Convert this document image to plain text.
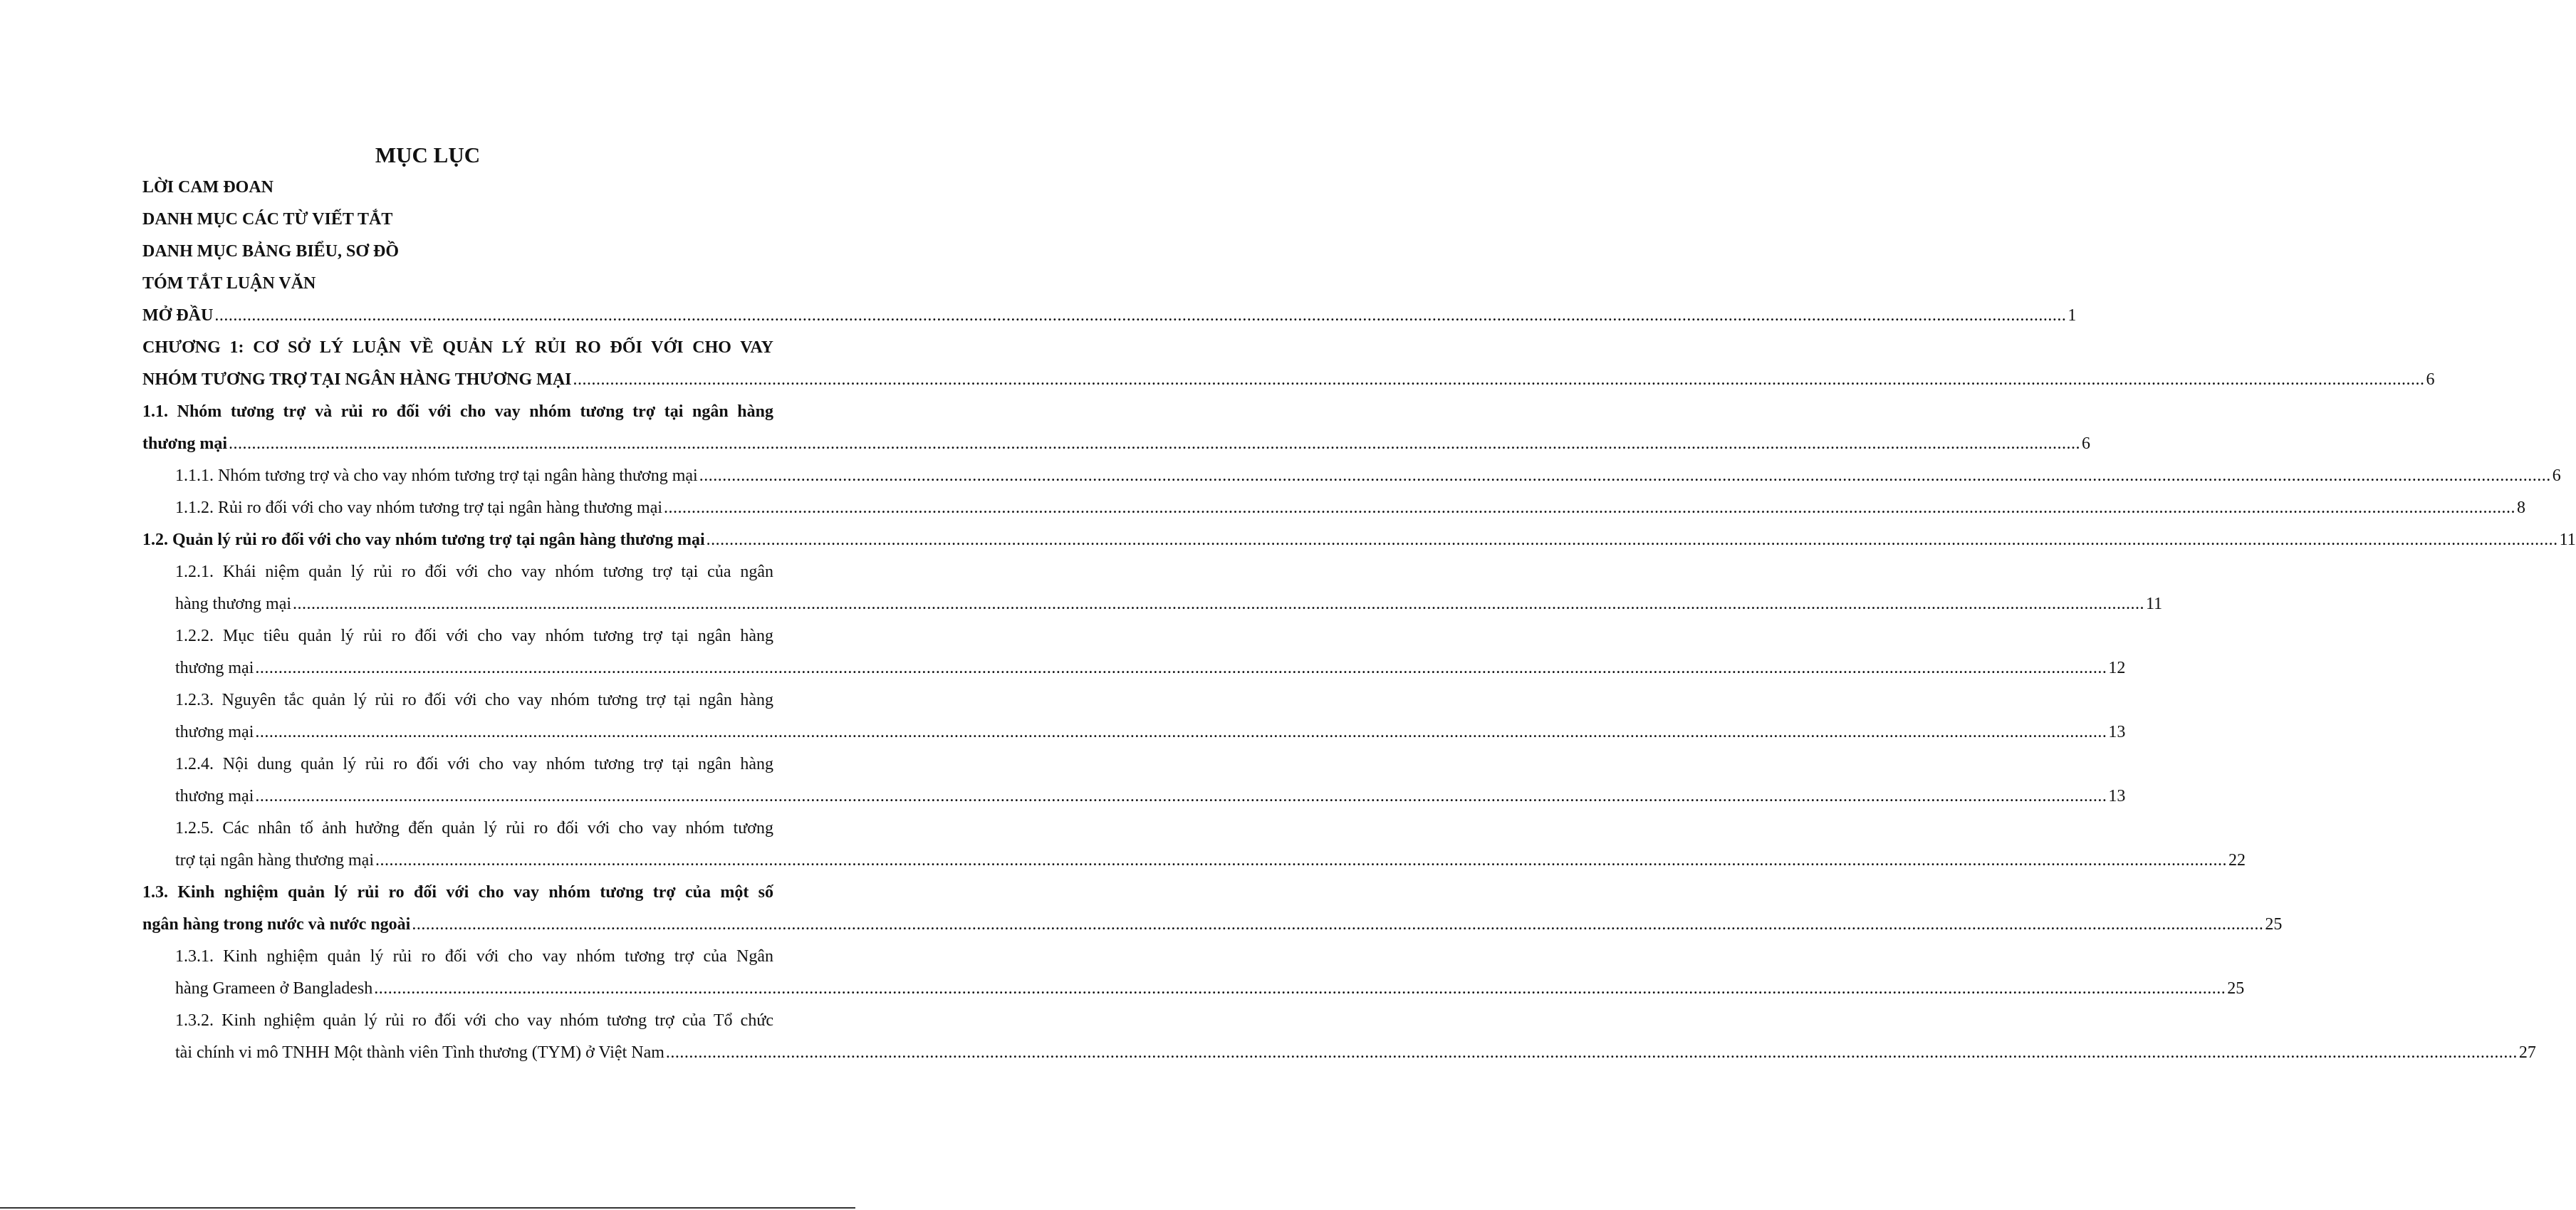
MỤC LỤC
LỜI CAM ĐOAN
DANH MỤC CÁC TỪ VIẾT TẮT
DANH MỤC BẢNG BIỂU, SƠ ĐỒ
TÓM TẮT LUẬN VĂN
MỞ ĐẦU ................................................................................................................................................................................................................................................................................................................................................................................................................ 1
CHƯƠNG 1: CƠ SỞ LÝ LUẬN VỀ QUẢN LÝ RỦI RO ĐỐI VỚI CHO VAY
NHÓM TƯƠNG TRỢ TẠI NGÂN HÀNG THƯƠNG MẠI ................................................................................................................................................................................................................................................................................................................................................................................................................ 6
1.1. Nhóm tương trợ và rủi ro đối với cho vay nhóm tương trợ tại ngân hàng
thương mại ................................................................................................................................................................................................................................................................................................................................................................................................................ 6
1.1.1. Nhóm tương trợ và cho vay nhóm tương trợ tại ngân hàng thương mại ................................................................................................................................................................................................................................................................................................................................................................................................................ 6
1.1.2. Rủi ro đối với cho vay nhóm tương trợ tại ngân hàng thương mại ................................................................................................................................................................................................................................................................................................................................................................................................................ 8
1.2. Quản lý rủi ro đối với cho vay nhóm tương trợ tại ngân hàng thương mại ................................................................................................................................................................................................................................................................................................................................................................................................................ 11
1.2.1. Khái niệm quản lý rủi ro đối với cho vay nhóm tương trợ tại của ngân
hàng thương mại ................................................................................................................................................................................................................................................................................................................................................................................................................ 11
1.2.2. Mục tiêu quản lý rủi ro đối với cho vay nhóm tương trợ tại ngân hàng
thương mại ................................................................................................................................................................................................................................................................................................................................................................................................................ 12
1.2.3. Nguyên tắc quản lý rủi ro đối với cho vay nhóm tương trợ tại ngân hàng
thương mại ................................................................................................................................................................................................................................................................................................................................................................................................................ 13
1.2.4. Nội dung quản lý rủi ro đối với cho vay nhóm tương trợ tại ngân hàng
thương mại ................................................................................................................................................................................................................................................................................................................................................................................................................ 13
1.2.5. Các nhân tố ảnh hưởng đến quản lý rủi ro đối với cho vay nhóm tương
trợ tại ngân hàng thương mại ................................................................................................................................................................................................................................................................................................................................................................................................................ 22
1.3. Kinh nghiệm quản lý rủi ro đối với cho vay nhóm tương trợ của một số
ngân hàng trong nước và nước ngoài ................................................................................................................................................................................................................................................................................................................................................................................................................ 25
1.3.1. Kinh nghiệm quản lý rủi ro đối với cho vay nhóm tương trợ của Ngân
hàng Grameen ở Bangladesh ................................................................................................................................................................................................................................................................................................................................................................................................................ 25
1.3.2. Kinh nghiệm quản lý rủi ro đối với cho vay nhóm tương trợ của Tổ chức
tài chính vi mô TNHH Một thành viên Tình thương (TYM) ở Việt Nam ................................................................................................................................................................................................................................................................................................................................................................................................................ 27
